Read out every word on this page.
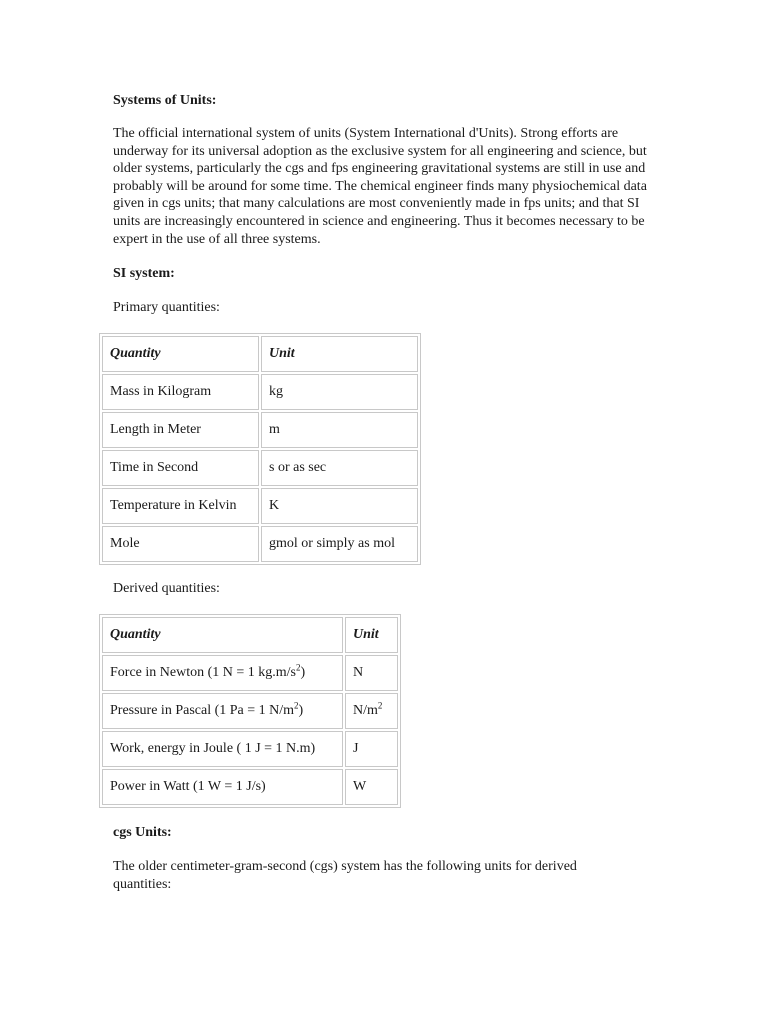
Systems of Units:

The official international system of units (System International d'Units). Strong efforts are underway for its universal adoption as the exclusive system for all engineering and science, but older systems, particularly the cgs and fps engineering gravitational systems are still in use and probably will be around for some time. The chemical engineer finds many physiochemical data given in cgs units; that many calculations are most conveniently made in fps units; and that SI units are increasingly encountered in science and engineering. Thus it becomes necessary to be expert in the use of all three systems.

SI system:

Primary quantities:

Quantity	Unit
Mass in Kilogram	kg
Length in Meter	m
Time in Second	s or as sec
Temperature in Kelvin	K
Mole	gmol or simply as mol

Derived quantities:

Quantity	Unit
Force in Newton (1 N = 1 $kg.m/s^2$)	N
Pressure in Pascal (1 Pa = 1 $N/m^2$)	$N/m^2$
Work, energy in Joule ( 1 J = 1 N.m)	J
Power in Watt (1 W = 1 J/s)	W

cgs Units:

The older centimeter-gram-second (cgs) system has the following units for derived quantities:
